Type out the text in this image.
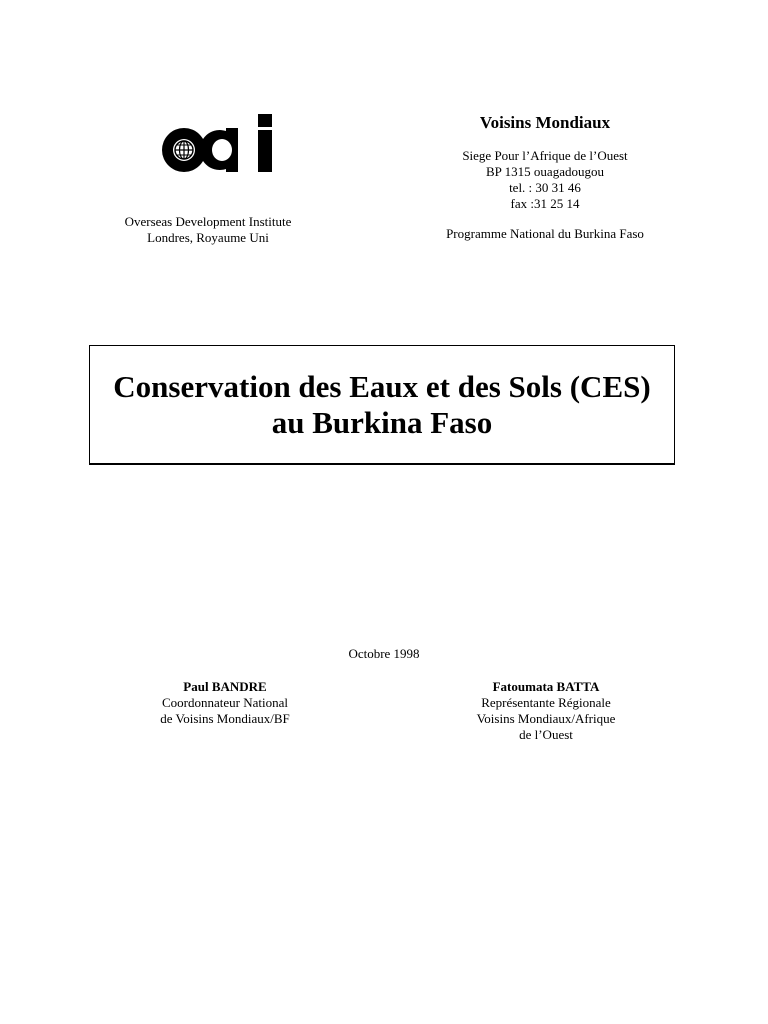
Overseas Development Institute
Londres, Royaume Uni
Voisins Mondiaux
Siege Pour l’Afrique de l’Ouest
BP 1315 ouagadougou
tel. : 30 31 46
fax :31 25 14
Programme National du Burkina Faso
Conservation des Eaux et des Sols (CES)
au Burkina Faso
Octobre 1998
Paul BANDRE
Coordonnateur National
de Voisins Mondiaux/BF
Fatoumata BATTA
Représentante Régionale
Voisins Mondiaux/Afrique
de l’Ouest
